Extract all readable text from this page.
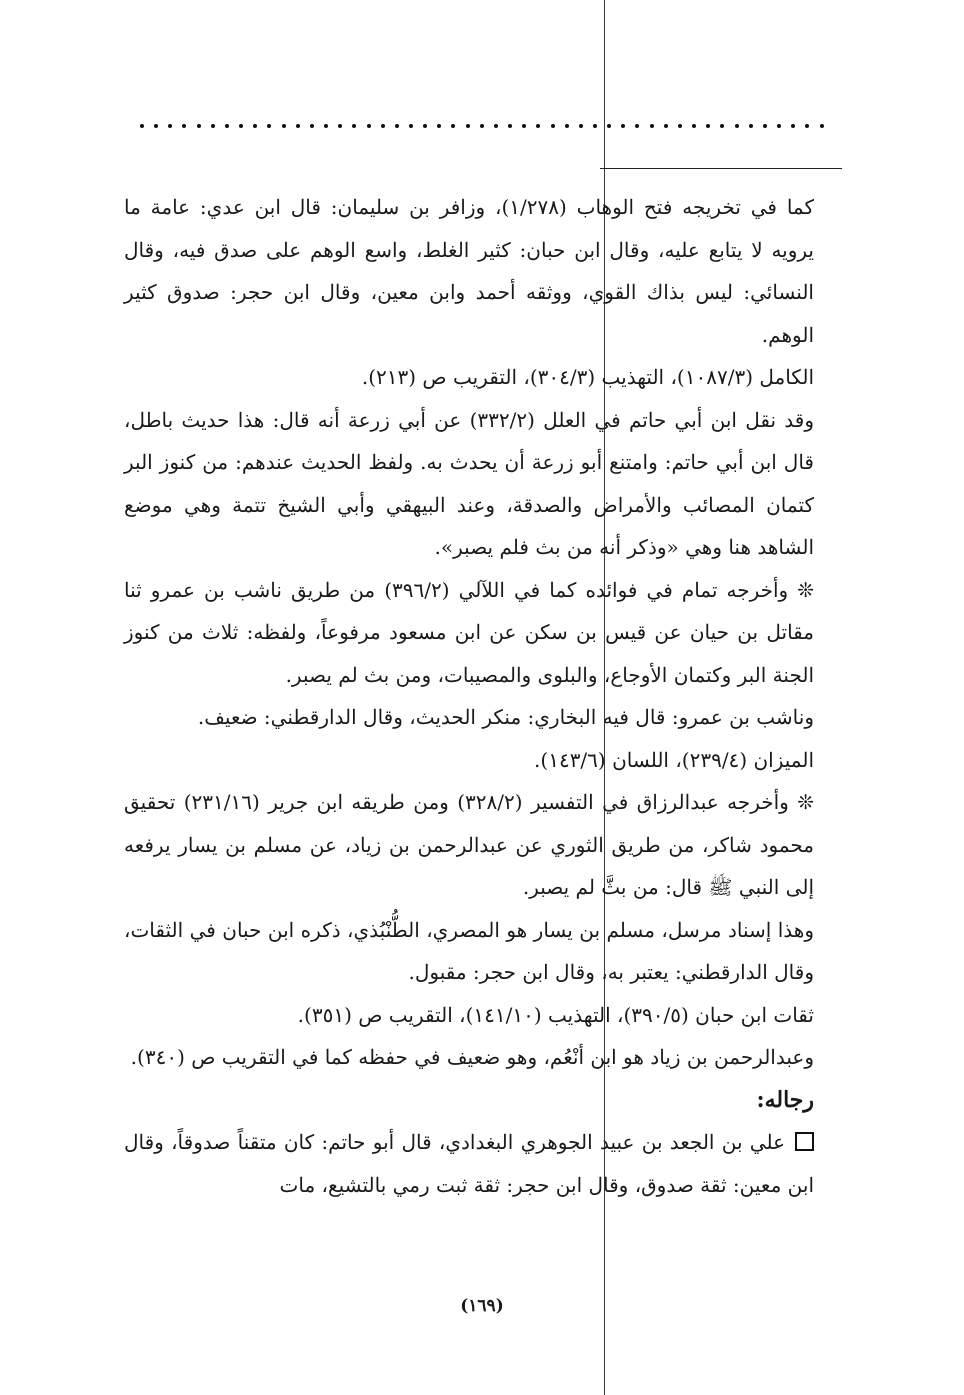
كما في تخريجه فتح الوهاب (١/٢٧٨)، وزافر بن سليمان: قال ابن عدي: عامة ما يرويه لا يتابع عليه، وقال ابن حبان: كثير الغلط، واسع الوهم على صدق فيه، وقال النسائي: ليس بذاك القوي، ووثقه أحمد وابن معين، وقال ابن حجر: صدوق كثير الوهم.

الكامل (١٠٨٧/٣)، التهذيب (٣٠٤/٣)، التقريب ص (٢١٣).

وقد نقل ابن أبي حاتم في العلل (٣٣٢/٢) عن أبي زرعة أنه قال: هذا حديث باطل، قال ابن أبي حاتم: وامتنع أبو زرعة أن يحدث به. ولفظ الحديث عندهم: من كنوز البر كتمان المصائب والأمراض والصدقة، وعند البيهقي وأبي الشيخ تتمة وهي موضع الشاهد هنا وهي «وذكر أنه من بث فلم يصبر».

❊ وأخرجه تمام في فوائده كما في اللآلي (٣٩٦/٢) من طريق ناشب بن عمرو ثنا مقاتل بن حيان عن قيس بن سكن عن ابن مسعود مرفوعاً، ولفظه: ثلاث من كنوز الجنة البر وكتمان الأوجاع، والبلوى والمصيبات، ومن بث لم يصبر.

وناشب بن عمرو: قال فيه البخاري: منكر الحديث، وقال الدارقطني: ضعيف.

الميزان (٢٣٩/٤)، اللسان (١٤٣/٦).

❊ وأخرجه عبدالرزاق في التفسير (٣٢٨/٢) ومن طريقه ابن جرير (٢٣١/١٦) تحقيق محمود شاكر، من طريق الثوري عن عبدالرحمن بن زياد، عن مسلم بن يسار يرفعه إلى النبي ﷺ قال: من بثَّ لم يصبر.

وهذا إسناد مرسل، مسلم بن يسار هو المصري، الطُّنْبُذي، ذكره ابن حبان في الثقات، وقال الدارقطني: يعتبر به، وقال ابن حجر: مقبول.

ثقات ابن حبان (٣٩٠/٥)، التهذيب (١٤١/١٠)، التقريب ص (٣٥١).

وعبدالرحمن بن زياد هو ابن أنْعُم، وهو ضعيف في حفظه كما في التقريب ص (٣٤٠).

رجاله:

علي بن الجعد بن عبيد الجوهري البغدادي، قال أبو حاتم: كان متقناً صدوقاً، وقال ابن معين: ثقة صدوق، وقال ابن حجر: ثقة ثبت رمي بالتشيع، مات

(١٦٩)
